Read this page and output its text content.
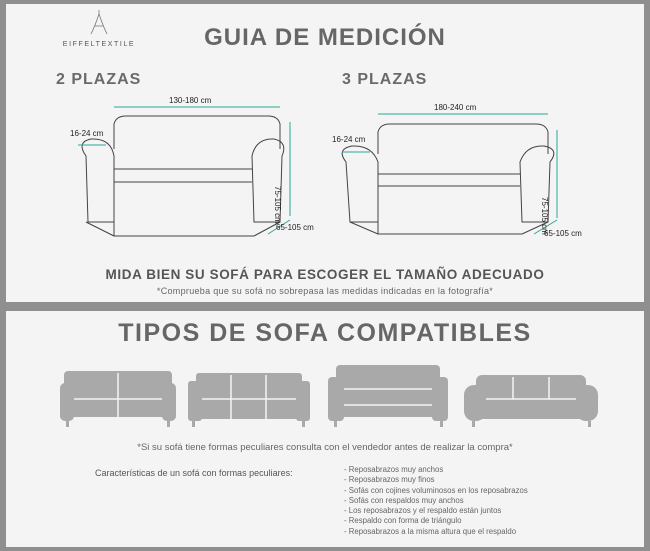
EIFFELTEXTILE	GUIA DE MEDICIÓN
2 PLAZAS	3 PLAZAS
130-180 cm
16-24 cm
75-105 cm
65-105 cm
180-240 cm
16-24 cm
75-105 cm
65-105 cm
MIDA BIEN SU SOFÁ PARA ESCOGER EL TAMAÑO ADECUADO
*Comprueba que su sofá no sobrepasa las medidas indicadas en la fotografía*
TIPOS DE SOFA COMPATIBLES
*Si su sofá tiene formas peculiares consulta con el vendedor antes de realizar la compra*
Características de un sofá con formas peculiares:	- Reposabrazos muy anchos
- Reposabrazos muy finos
- Sofás con cojines voluminosos en los reposabrazos
- Sofás con respaldos muy anchos
- Los reposabrazos y el respaldo están juntos
- Respaldo con forma de triángulo
- Reposabrazos a la misma altura que el respaldo
